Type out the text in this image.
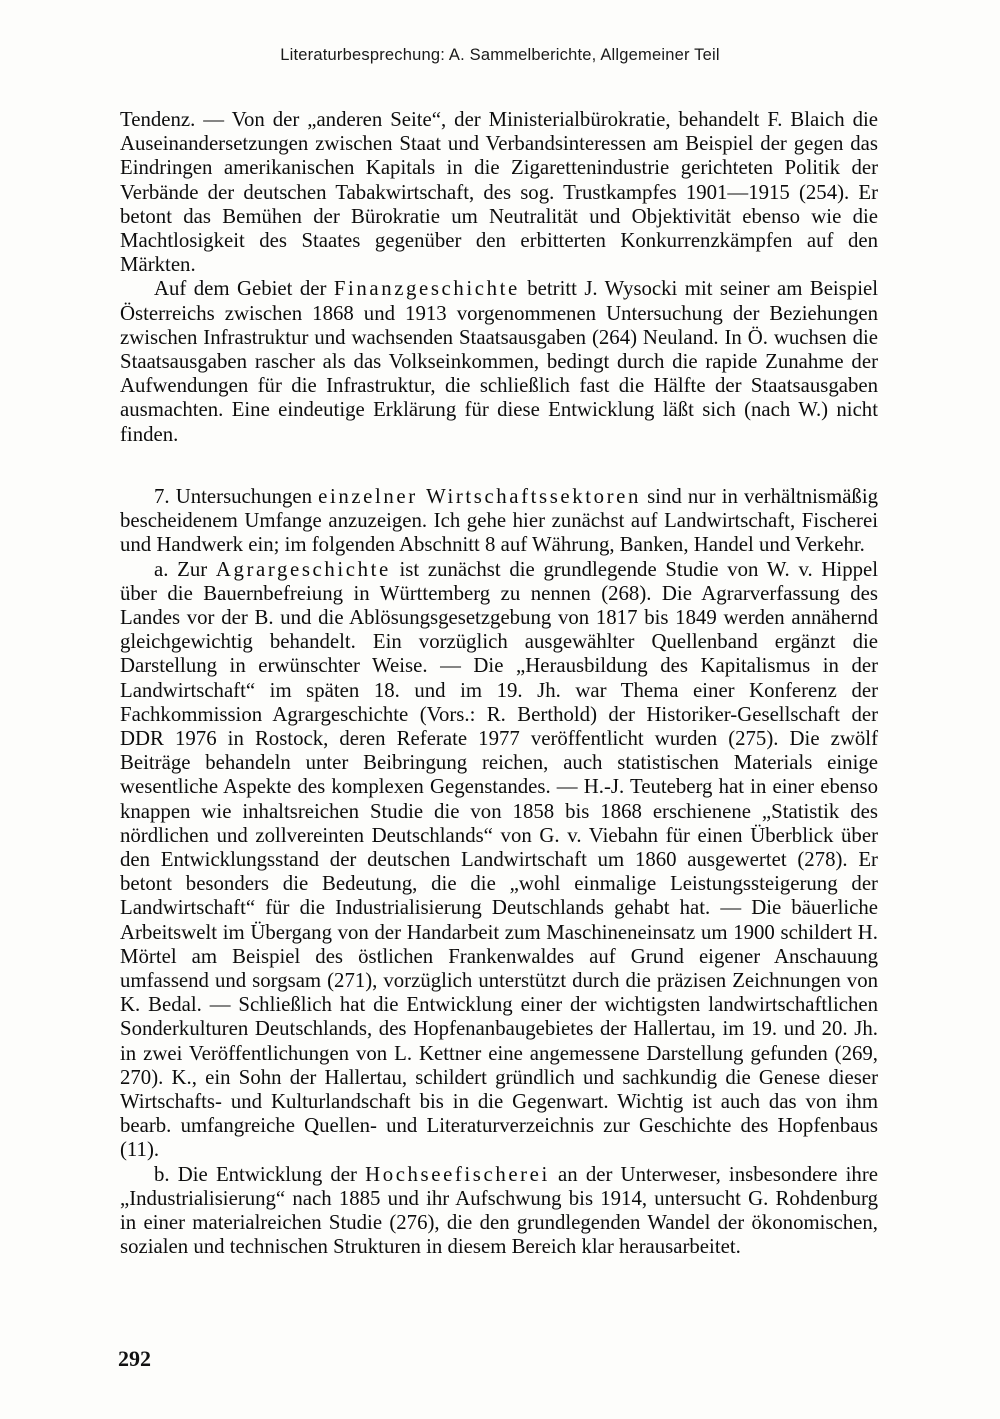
Literaturbesprechung: A. Sammelberichte, Allgemeiner Teil

Tendenz. — Von der „anderen Seite“, der Ministerialbürokratie, behandelt F. Blaich die Auseinandersetzungen zwischen Staat und Verbandsinteressen am Beispiel der gegen das Eindringen amerikanischen Kapitals in die Zigarettenindustrie gerichteten Politik der Verbände der deutschen Tabakwirtschaft, des sog. Trustkampfes 1901—1915 (254). Er betont das Bemühen der Bürokratie um Neutralität und Objektivität ebenso wie die Machtlosigkeit des Staates gegenüber den erbitterten Konkurrenzkämpfen auf den Märkten.

Auf dem Gebiet der Finanzgeschichte betritt J. Wysocki mit seiner am Beispiel Österreichs zwischen 1868 und 1913 vorgenommenen Untersuchung der Beziehungen zwischen Infrastruktur und wachsenden Staatsausgaben (264) Neuland. In Ö. wuchsen die Staatsausgaben rascher als das Volkseinkommen, bedingt durch die rapide Zunahme der Aufwendungen für die Infrastruktur, die schließlich fast die Hälfte der Staatsausgaben ausmachten. Eine eindeutige Erklärung für diese Entwicklung läßt sich (nach W.) nicht finden.

7. Untersuchungen einzelner Wirtschaftssektoren sind nur in verhältnismäßig bescheidenem Umfange anzuzeigen. Ich gehe hier zunächst auf Landwirtschaft, Fischerei und Handwerk ein; im folgenden Abschnitt 8 auf Währung, Banken, Handel und Verkehr.

a. Zur Agrargeschichte ist zunächst die grundlegende Studie von W. v. Hippel über die Bauernbefreiung in Württemberg zu nennen (268). Die Agrarverfassung des Landes vor der B. und die Ablösungsgesetzgebung von 1817 bis 1849 werden annähernd gleichgewichtig behandelt. Ein vorzüglich ausgewählter Quellenband ergänzt die Darstellung in erwünschter Weise. — Die „Herausbildung des Kapitalismus in der Landwirtschaft“ im späten 18. und im 19. Jh. war Thema einer Konferenz der Fachkommission Agrargeschichte (Vors.: R. Berthold) der Historiker-Gesellschaft der DDR 1976 in Rostock, deren Referate 1977 veröffentlicht wurden (275). Die zwölf Beiträge behandeln unter Beibringung reichen, auch statistischen Materials einige wesentliche Aspekte des komplexen Gegenstandes. — H.-J. Teuteberg hat in einer ebenso knappen wie inhaltsreichen Studie die von 1858 bis 1868 erschienene „Statistik des nördlichen und zollvereinten Deutschlands“ von G. v. Viebahn für einen Überblick über den Entwicklungsstand der deutschen Landwirtschaft um 1860 ausgewertet (278). Er betont besonders die Bedeutung, die die „wohl einmalige Leistungssteigerung der Landwirtschaft“ für die Industrialisierung Deutschlands gehabt hat. — Die bäuerliche Arbeitswelt im Übergang von der Handarbeit zum Maschineneinsatz um 1900 schildert H. Mörtel am Beispiel des östlichen Frankenwaldes auf Grund eigener Anschauung umfassend und sorgsam (271), vorzüglich unterstützt durch die präzisen Zeichnungen von K. Bedal. — Schließlich hat die Entwicklung einer der wichtigsten landwirtschaftlichen Sonderkulturen Deutschlands, des Hopfenanbaugebietes der Hallertau, im 19. und 20. Jh. in zwei Veröffentlichungen von L. Kettner eine angemessene Darstellung gefunden (269, 270). K., ein Sohn der Hallertau, schildert gründlich und sachkundig die Genese dieser Wirtschafts- und Kulturlandschaft bis in die Gegenwart. Wichtig ist auch das von ihm bearb. umfangreiche Quellen- und Literaturverzeichnis zur Geschichte des Hopfenbaus (11).

b. Die Entwicklung der Hochseefischerei an der Unterweser, insbesondere ihre „Industrialisierung“ nach 1885 und ihr Aufschwung bis 1914, untersucht G. Rohdenburg in einer materialreichen Studie (276), die den grundlegenden Wandel der ökonomischen, sozialen und technischen Strukturen in diesem Bereich klar herausarbeitet.

292
